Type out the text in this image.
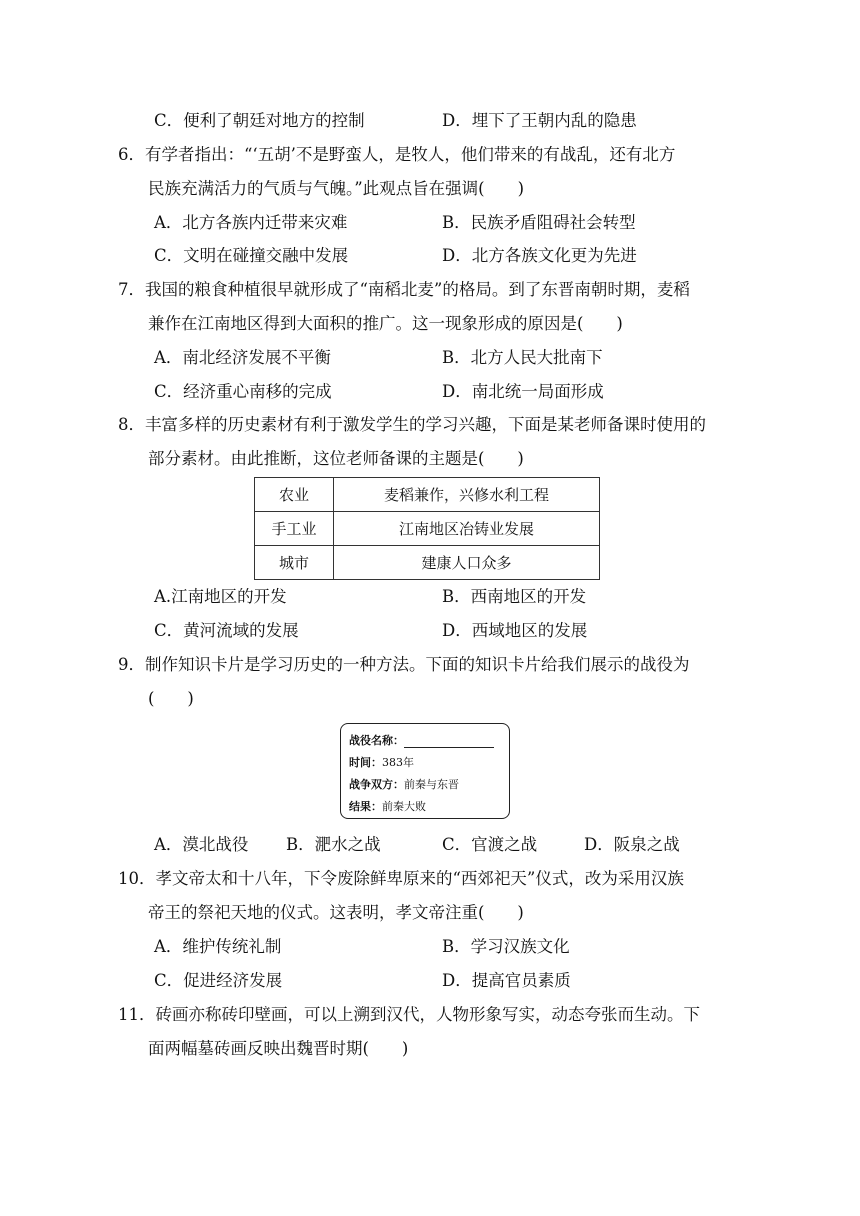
C．便利了朝廷对地方的控制	D．埋下了王朝内乱的隐患
6．有学者指出：“‘五胡’不是野蛮人，是牧人，他们带来的有战乱，还有北方
民族充满活力的气质与气魄。”此观点旨在强调(　　)
A．北方各族内迁带来灾难	B．民族矛盾阻碍社会转型
C．文明在碰撞交融中发展	D．北方各族文化更为先进
7．我国的粮食种植很早就形成了“南稻北麦”的格局。到了东晋南朝时期，麦稻
兼作在江南地区得到大面积的推广。这一现象形成的原因是(　　)
A．南北经济发展不平衡	B．北方人民大批南下
C．经济重心南移的完成	D．南北统一局面形成
8．丰富多样的历史素材有利于激发学生的学习兴趣，下面是某老师备课时使用的
部分素材。由此推断，这位老师备课的主题是(　　)
农业	麦稻兼作，兴修水利工程
手工业	江南地区冶铸业发展
城市	建康人口众多
A.江南地区的开发	B．西南地区的开发
C．黄河流域的发展	D．西域地区的发展
9．制作知识卡片是学习历史的一种方法。下面的知识卡片给我们展示的战役为
(　　)
战役名称：
时间：383年
战争双方：前秦与东晋
结果：前秦大败
A．漠北战役 B．淝水之战	C．官渡之战	D．阪泉之战
10．孝文帝太和十八年，下令废除鲜卑原来的“西郊祀天”仪式，改为采用汉族
帝王的祭祀天地的仪式。这表明，孝文帝注重(　　)
A．维护传统礼制	B．学习汉族文化
C．促进经济发展	D．提高官员素质
11．砖画亦称砖印壁画，可以上溯到汉代，人物形象写实，动态夸张而生动。下
面两幅墓砖画反映出魏晋时期(　　)
